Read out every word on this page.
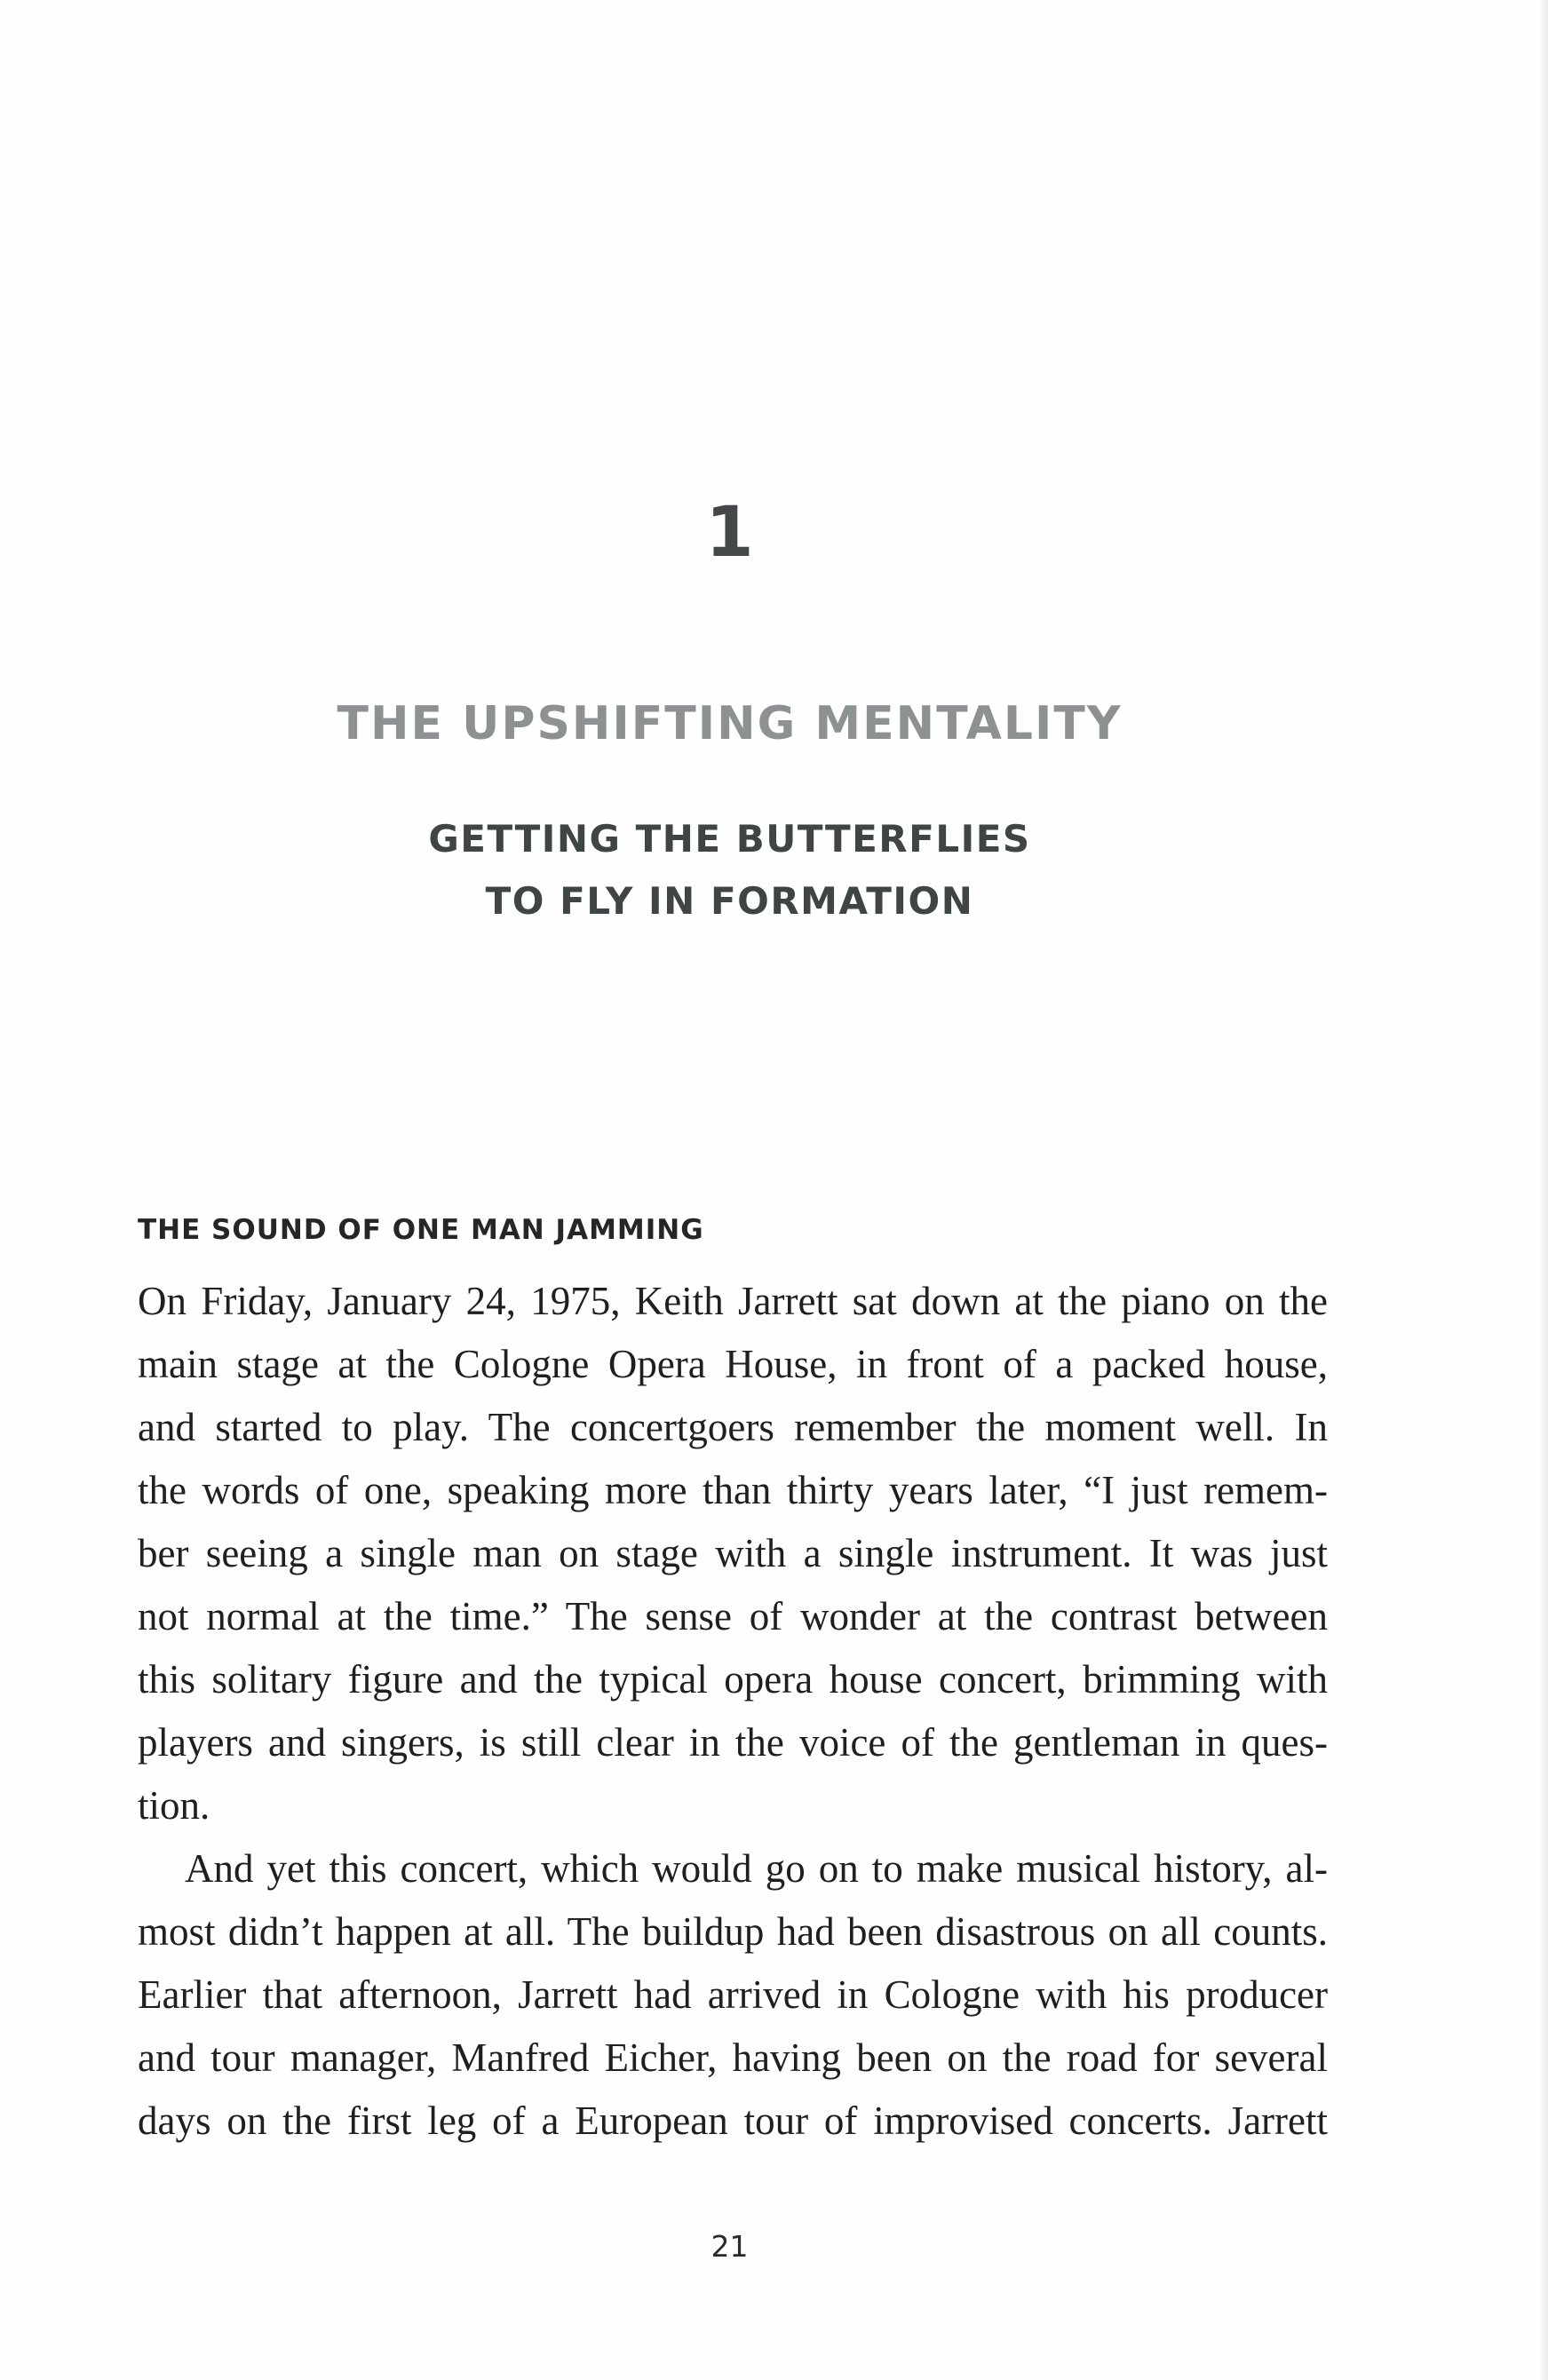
1
THE UPSHIFTING MENTALITY
GETTING THE BUTTERFLIES
TO FLY IN FORMATION
THE SOUND OF ONE MAN JAMMING
On Friday, January 24, 1975, Keith Jarrett sat down at the piano on the
main stage at the Cologne Opera House, in front of a packed house,
and started to play. The concertgoers remember the moment well. In
the words of one, speaking more than thirty years later, “I just remem-
ber seeing a single man on stage with a single instrument. It was just
not normal at the time.” The sense of wonder at the contrast between
this solitary figure and the typical opera house concert, brimming with
players and singers, is still clear in the voice of the gentleman in ques-
tion.
And yet this concert, which would go on to make musical history, al-
most didn’t happen at all. The buildup had been disastrous on all counts.
Earlier that afternoon, Jarrett had arrived in Cologne with his producer
and tour manager, Manfred Eicher, having been on the road for several
days on the first leg of a European tour of improvised concerts. Jarrett
21
